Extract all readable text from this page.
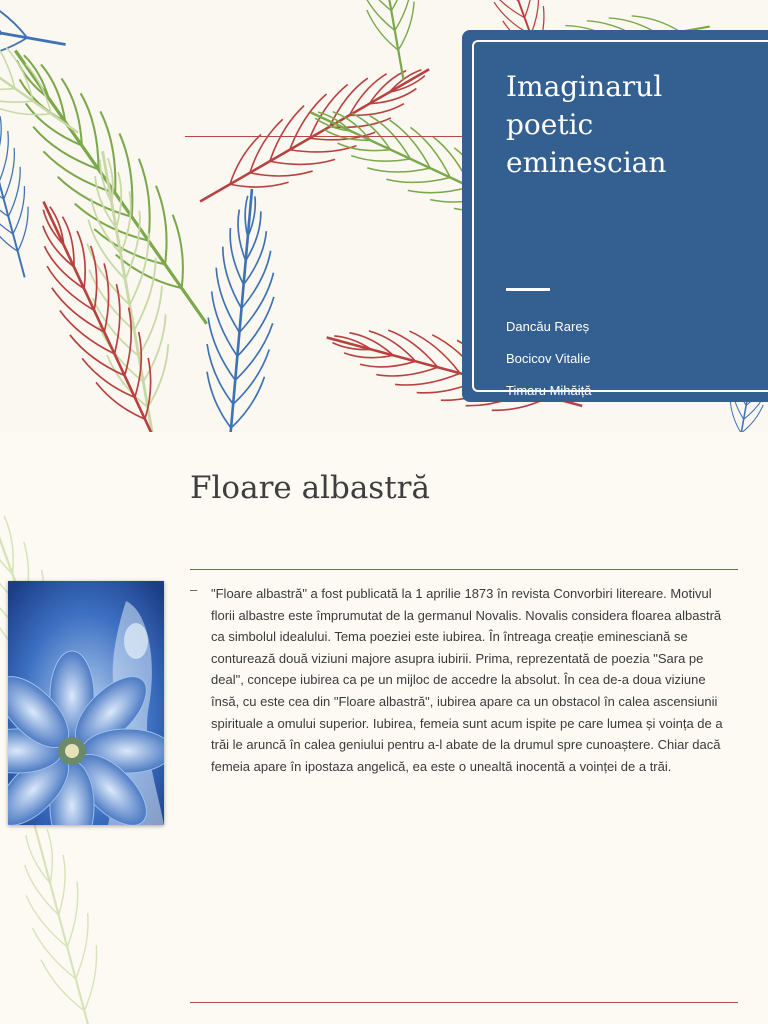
Imaginarul
poetic
eminescian
Dancău Rareș
Bocicov Vitalie
Timaru Mihăiță
Floare albastră
– "Floare albastră" a fost publicată la 1 aprilie 1873 în revista Convorbiri litereare. Motivul florii albastre este împrumutat de la germanul Novalis. Novalis considera floarea albastră ca simbolul idealului. Tema poeziei este iubirea. În întreaga creație eminesciană se conturează două viziuni majore asupra iubirii. Prima, reprezentată de poezia "Sara pe deal", concepe iubirea ca pe un mijloc de accedre la absolut. În cea de-a doua viziune însă, cu este cea din "Floare albastră", iubirea apare ca un obstacol în calea ascensiunii spirituale a omului superior. Iubirea, femeia sunt acum ispite pe care lumea și voința de a trăi le aruncă în calea geniului pentru a-l abate de la drumul spre cunoaștere. Chiar dacă femeia apare în ipostaza angelică, ea este o unealtă inocentă a voinței de a trăi.
